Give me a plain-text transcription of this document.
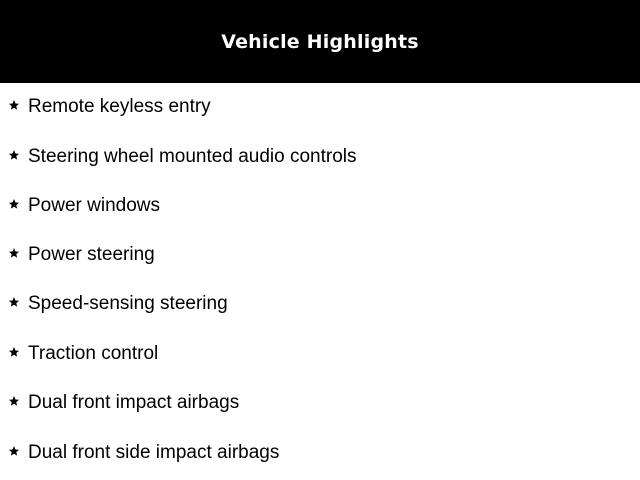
Vehicle Highlights
Remote keyless entry
Steering wheel mounted audio controls
Power windows
Power steering
Speed-sensing steering
Traction control
Dual front impact airbags
Dual front side impact airbags
